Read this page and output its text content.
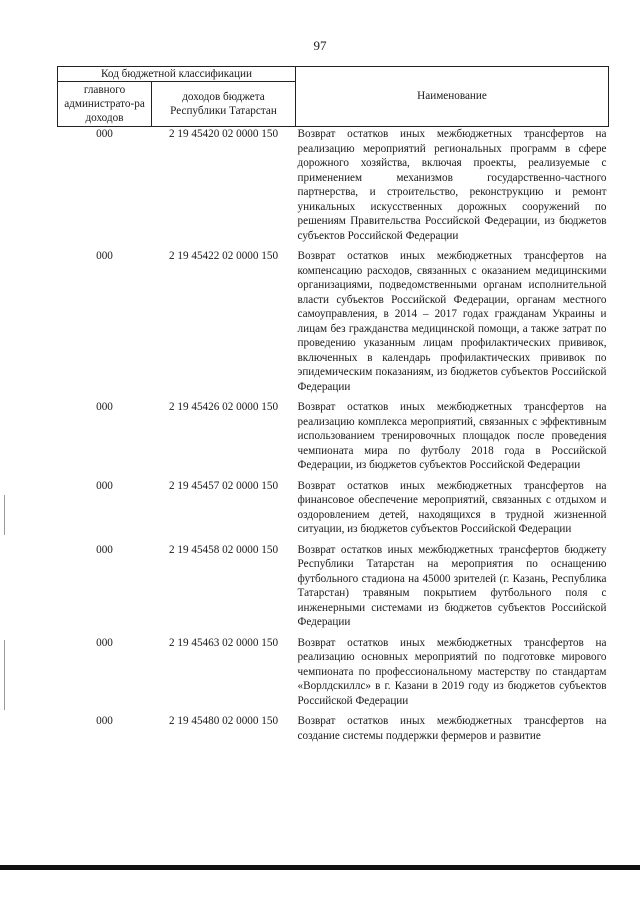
97
Код бюджетной классификации		Наименование
главного администрато-ра доходов	доходов бюджета Республики Татарстан	
000	2 19 45420 02 0000 150	Возврат остатков иных межбюджетных трансфертов на реализацию мероприятий региональных программ в сфере дорожного хозяйства, включая проекты, реализуемые с применением механизмов государственно-частного партнерства, и строительство, реконструкцию и ремонт уникальных искусственных дорожных сооружений по решениям Правительства Российской Федерации, из бюджетов субъектов Российской Федерации
000	2 19 45422 02 0000 150	Возврат остатков иных межбюджетных трансфертов на компенсацию расходов, связанных с оказанием медицинскими организациями, подведомственными органам исполнительной власти субъектов Российской Федерации, органам местного самоуправления, в 2014 – 2017 годах гражданам Украины и лицам без гражданства медицинской помощи, а также затрат по проведению указанным лицам профилактических прививок, включенных в календарь профилактических прививок по эпидемическим показаниям, из бюджетов субъектов Российской Федерации
000	2 19 45426 02 0000 150	Возврат остатков иных межбюджетных трансфертов на реализацию комплекса мероприятий, связанных с эффективным использованием тренировочных площадок после проведения чемпионата мира по футболу 2018 года в Российской Федерации, из бюджетов субъектов Российской Федерации
000	2 19 45457 02 0000 150	Возврат остатков иных межбюджетных трансфертов на финансовое обеспечение мероприятий, связанных с отдыхом и оздоровлением детей, находящихся в трудной жизненной ситуации, из бюджетов субъектов Российской Федерации
000	2 19 45458 02 0000 150	Возврат остатков иных межбюджетных трансфертов бюджету Республики Татарстан на мероприятия по оснащению футбольного стадиона на 45000 зрителей (г. Казань, Республика Татарстан) травяным покрытием футбольного поля с инженерными системами из бюджетов субъектов Российской Федерации
000	2 19 45463 02 0000 150	Возврат остатков иных межбюджетных трансфертов на реализацию основных мероприятий по подготовке мирового чемпионата по профессиональному мастерству по стандартам «Ворлдскиллс» в г. Казани в 2019 году из бюджетов субъектов Российской Федерации
000	2 19 45480 02 0000 150	Возврат остатков иных межбюджетных трансфертов на создание системы поддержки фермеров и развитие
